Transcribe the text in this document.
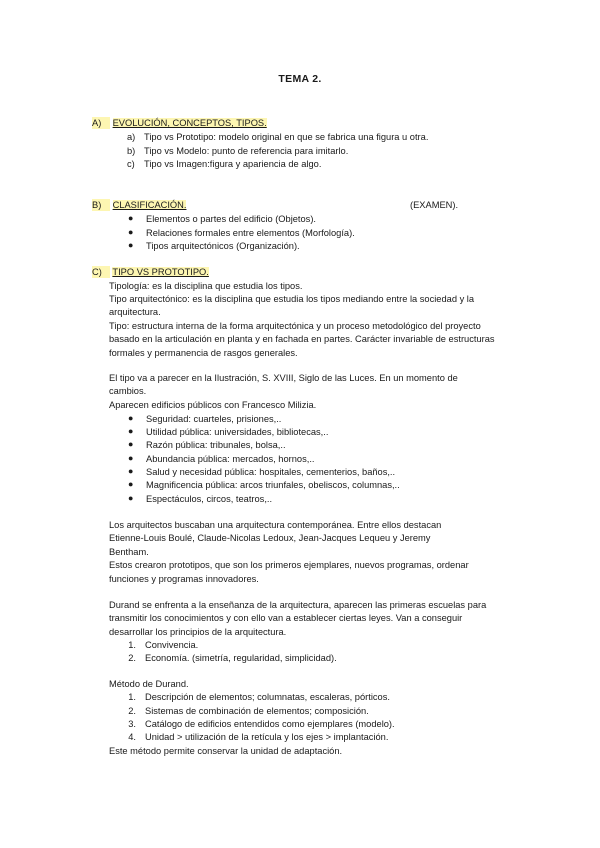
TEMA 2.
A) EVOLUCIÓN, CONCEPTOS, TIPOS.
a) Tipo vs Prototipo: modelo original en que se fabrica una figura u otra.
b) Tipo vs Modelo: punto de referencia para imitarlo.
c) Tipo vs Imagen:figura y apariencia de algo.
B) CLASIFICACIÓN.	(EXAMEN).
● Elementos o partes del edificio (Objetos).
● Relaciones formales entre elementos (Morfología).
● Tipos arquitectónicos (Organización).
C) TIPO VS PROTOTIPO.
Tipología: es la disciplina que estudia los tipos.
Tipo arquitectónico: es la disciplina que estudia los tipos mediando entre la sociedad y la
arquitectura.
Tipo: estructura interna de la forma arquitectónica y un proceso metodológico del proyecto
basado en la articulación en planta y en fachada en partes. Carácter invariable de estructuras
formales y permanencia de rasgos generales.
El tipo va a parecer en la Ilustración, S. XVIII, Siglo de las Luces. En un momento de
cambios.
Aparecen edificios públicos con Francesco Milizia.
● Seguridad: cuarteles, prisiones,..
● Utilidad pública: universidades, bibliotecas,..
● Razón pública: tribunales, bolsa,..
● Abundancia pública: mercados, hornos,..
● Salud y necesidad pública: hospitales, cementerios, baños,..
● Magnificencia pública: arcos triunfales, obeliscos, columnas,..
● Espectáculos, circos, teatros,..
Los arquitectos buscaban una arquitectura contemporánea. Entre ellos destacan
Etienne-Louis Boulé, Claude-Nicolas Ledoux, Jean-Jacques Lequeu y Jeremy
Bentham.
Estos crearon prototipos, que son los primeros ejemplares, nuevos programas, ordenar
funciones y programas innovadores.
Durand se enfrenta a la enseñanza de la arquitectura, aparecen las primeras escuelas para
transmitir los conocimientos y con ello van a establecer ciertas leyes. Van a conseguir
desarrollar los principios de la arquitectura.
1. Convivencia.
2. Economía. (simetría, regularidad, simplicidad).
Método de Durand.
1. Descripción de elementos; columnatas, escaleras, pórticos.
2. Sistemas de combinación de elementos; composición.
3. Catálogo de edificios entendidos como ejemplares (modelo).
4. Unidad > utilización de la retícula y los ejes > implantación.
Este método permite conservar la unidad de adaptación.
